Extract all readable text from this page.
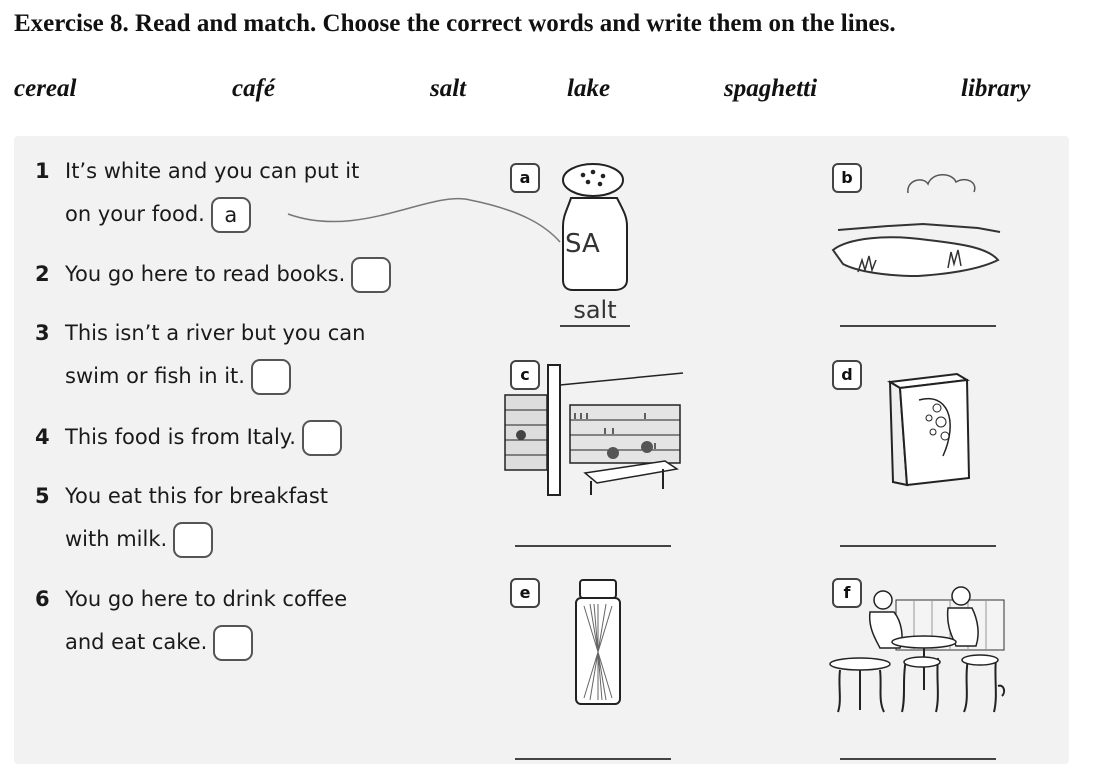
Exercise 8. Read and match. Choose the correct words and write them on the lines.
cereal	café	salt	lake	spaghetti	library
1 It’s white and you can put it
on your food. a
2 You go here to read books.
3 This isn’t a river but you can
swim or fish in it.
4 This food is from Italy.
5 You eat this for breakfast
with milk.
6 You go here to drink coffee
and eat cake.
a	b
c	d
e	f
SA
salt
